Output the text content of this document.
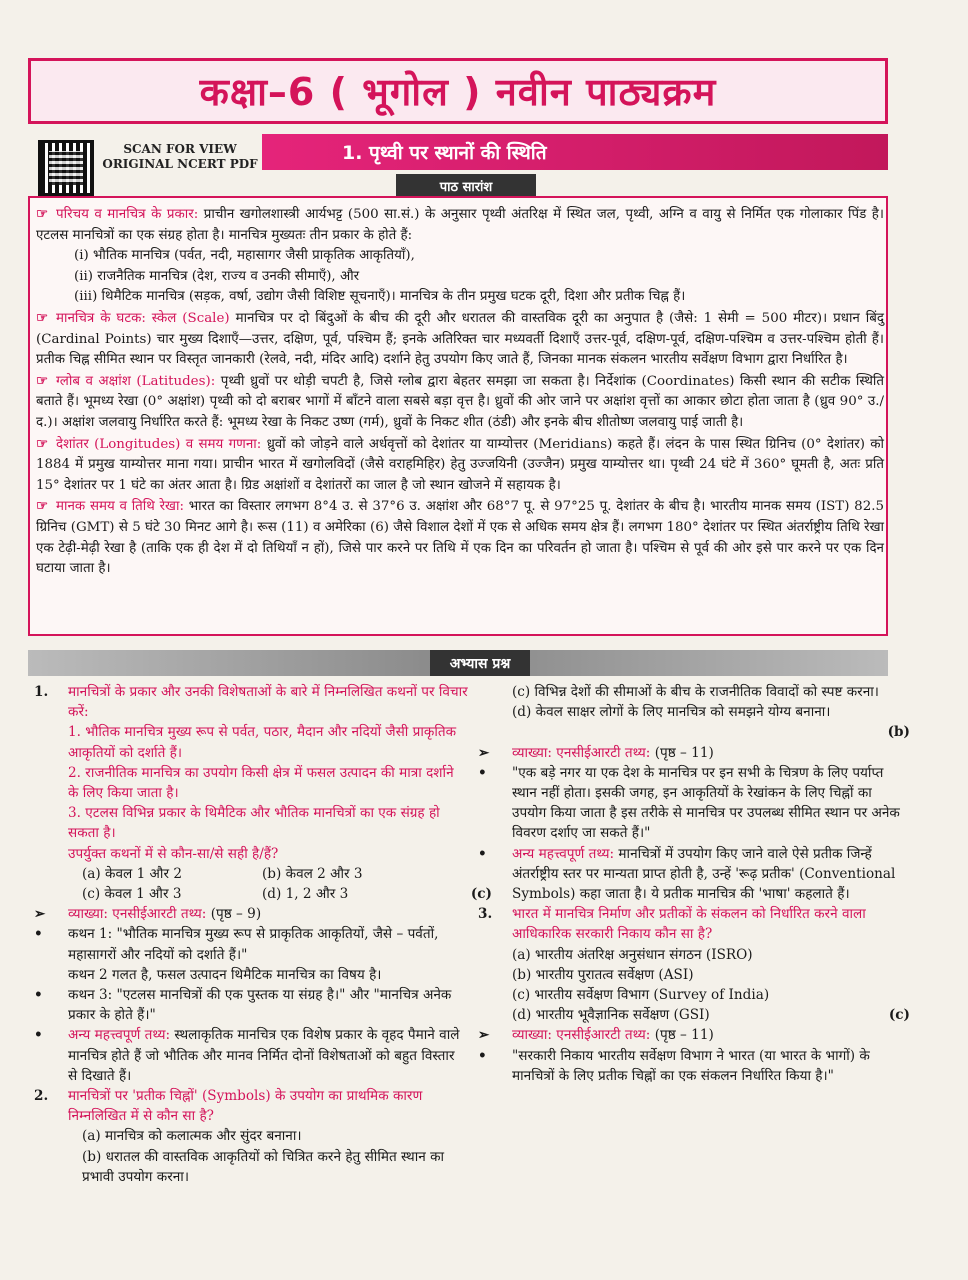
कक्षा–6 ( भूगोल ) नवीन पाठ्यक्रम
SCAN FOR VIEW ORIGINAL NCERT PDF	1. पृथ्वी पर स्थानों की स्थिति
पाठ सारांश

☞ परिचय व मानचित्र के प्रकार: प्राचीन खगोलशास्त्री आर्यभट्ट (500 सा.सं.) के अनुसार पृथ्वी अंतरिक्ष में स्थित जल, पृथ्वी, अग्नि व वायु से निर्मित एक गोलाकार पिंड है। एटलस मानचित्रों का एक संग्रह होता है। मानचित्र मुख्यतः तीन प्रकार के होते हैं:

(i) भौतिक मानचित्र (पर्वत, नदी, महासागर जैसी प्राकृतिक आकृतियाँ),

(ii) राजनैतिक मानचित्र (देश, राज्य व उनकी सीमाएँ), और

(iii) थिमैटिक मानचित्र (सड़क, वर्षा, उद्योग जैसी विशिष्ट सूचनाएँ)। मानचित्र के तीन प्रमुख घटक दूरी, दिशा और प्रतीक चिह्न हैं।

☞ मानचित्र के घटक: स्केल (Scale) मानचित्र पर दो बिंदुओं के बीच की दूरी और धरातल की वास्तविक दूरी का अनुपात है (जैसे: 1 सेमी = 500 मीटर)। प्रधान बिंदु (Cardinal Points) चार मुख्य दिशाएँ—उत्तर, दक्षिण, पूर्व, पश्चिम हैं; इनके अतिरिक्त चार मध्यवर्ती दिशाएँ उत्तर-पूर्व, दक्षिण-पूर्व, दक्षिण-पश्चिम व उत्तर-पश्चिम होती हैं। प्रतीक चिह्न सीमित स्थान पर विस्तृत जानकारी (रेलवे, नदी, मंदिर आदि) दर्शाने हेतु उपयोग किए जाते हैं, जिनका मानक संकलन भारतीय सर्वेक्षण विभाग द्वारा निर्धारित है।

☞ ग्लोब व अक्षांश (Latitudes): पृथ्वी ध्रुवों पर थोड़ी चपटी है, जिसे ग्लोब द्वारा बेहतर समझा जा सकता है। निर्देशांक (Coordinates) किसी स्थान की सटीक स्थिति बताते हैं। भूमध्य रेखा (0° अक्षांश) पृथ्वी को दो बराबर भागों में बाँटने वाला सबसे बड़ा वृत्त है। ध्रुवों की ओर जाने पर अक्षांश वृत्तों का आकार छोटा होता जाता है (ध्रुव 90° उ./द.)। अक्षांश जलवायु निर्धारित करते हैं: भूमध्य रेखा के निकट उष्ण (गर्म), ध्रुवों के निकट शीत (ठंडी) और इनके बीच शीतोष्ण जलवायु पाई जाती है।

☞ देशांतर (Longitudes) व समय गणना: ध्रुवों को जोड़ने वाले अर्धवृत्तों को देशांतर या याम्योत्तर (Meridians) कहते हैं। लंदन के पास स्थित ग्रिनिच (0° देशांतर) को 1884 में प्रमुख याम्योत्तर माना गया। प्राचीन भारत में खगोलविदों (जैसे वराहमिहिर) हेतु उज्जयिनी (उज्जैन) प्रमुख याम्योत्तर था। पृथ्वी 24 घंटे में 360° घूमती है, अतः प्रति 15° देशांतर पर 1 घंटे का अंतर आता है। ग्रिड अक्षांशों व देशांतरों का जाल है जो स्थान खोजने में सहायक है।

☞ मानक समय व तिथि रेखा: भारत का विस्तार लगभग 8°4 उ. से 37°6 उ. अक्षांश और 68°7 पू. से 97°25 पू. देशांतर के बीच है। भारतीय मानक समय (IST) 82.5 ग्रिनिच (GMT) से 5 घंटे 30 मिनट आगे है। रूस (11) व अमेरिका (6) जैसे विशाल देशों में एक से अधिक समय क्षेत्र हैं। लगभग 180° देशांतर पर स्थित अंतर्राष्ट्रीय तिथि रेखा एक टेढ़ी-मेढ़ी रेखा है (ताकि एक ही देश में दो तिथियाँ न हों), जिसे पार करने पर तिथि में एक दिन का परिवर्तन हो जाता है। पश्चिम से पूर्व की ओर इसे पार करने पर एक दिन घटाया जाता है।

अभ्यास प्रश्न
1.	मानचित्रों के प्रकार और उनकी विशेषताओं के बारे में निम्नलिखित कथनों पर विचार करें:
1. भौतिक मानचित्र मुख्य रूप से पर्वत, पठार, मैदान और नदियों जैसी प्राकृतिक आकृतियों को दर्शाते हैं।
2. राजनीतिक मानचित्र का उपयोग किसी क्षेत्र में फसल उत्पादन की मात्रा दर्शाने के लिए किया जाता है।
3. एटलस विभिन्न प्रकार के थिमैटिक और भौतिक मानचित्रों का एक संग्रह हो सकता है।
उपर्युक्त कथनों में से कौन-सा/से सही है/हैं?
(a) केवल 1 और 2	(b) केवल 2 और 3
(c) केवल 1 और 3	(d) 1, 2 और 3	(c)
➢	व्याख्या: एनसीईआरटी तथ्य: (पृष्ठ – 9)
•	कथन 1: "भौतिक मानचित्र मुख्य रूप से प्राकृतिक आकृतियों, जैसे – पर्वतों, महासागरों और नदियों को दर्शाते हैं।"
कथन 2 गलत है, फसल उत्पादन थिमैटिक मानचित्र का विषय है।
•	कथन 3: "एटलस मानचित्रों की एक पुस्तक या संग्रह है।" और "मानचित्र अनेक प्रकार के होते हैं।"
•	अन्य महत्त्वपूर्ण तथ्य: स्थलाकृतिक मानचित्र एक विशेष प्रकार के वृहद पैमाने वाले मानचित्र होते हैं जो भौतिक और मानव निर्मित दोनों विशेषताओं को बहुत विस्तार से दिखाते हैं।
2.	मानचित्रों पर 'प्रतीक चिह्नों' (Symbols) के उपयोग का प्राथमिक कारण निम्नलिखित में से कौन सा है?
(a) मानचित्र को कलात्मक और सुंदर बनाना।
(b) धरातल की वास्तविक आकृतियों को चित्रित करने हेतु सीमित स्थान का प्रभावी उपयोग करना।
(c) विभिन्न देशों की सीमाओं के बीच के राजनीतिक विवादों को स्पष्ट करना।
(d) केवल साक्षर लोगों के लिए मानचित्र को समझने योग्य बनाना।
(b)
➢	व्याख्या: एनसीईआरटी तथ्य: (पृष्ठ – 11)
•	"एक बड़े नगर या एक देश के मानचित्र पर इन सभी के चित्रण के लिए पर्याप्त स्थान नहीं होता। इसकी जगह, इन आकृतियों के रेखांकन के लिए चिह्नों का उपयोग किया जाता है इस तरीके से मानचित्र पर उपलब्ध सीमित स्थान पर अनेक विवरण दर्शाए जा सकते हैं।"
•	अन्य महत्त्वपूर्ण तथ्य: मानचित्रों में उपयोग किए जाने वाले ऐसे प्रतीक जिन्हें अंतर्राष्ट्रीय स्तर पर मान्यता प्राप्त होती है, उन्हें 'रूढ़ प्रतीक' (Conventional Symbols) कहा जाता है। ये प्रतीक मानचित्र की 'भाषा' कहलाते हैं।
3.	भारत में मानचित्र निर्माण और प्रतीकों के संकलन को निर्धारित करने वाला आधिकारिक सरकारी निकाय कौन सा है?
(a) भारतीय अंतरिक्ष अनुसंधान संगठन (ISRO)
(b) भारतीय पुरातत्व सर्वेक्षण (ASI)
(c) भारतीय सर्वेक्षण विभाग (Survey of India)
(d) भारतीय भूवैज्ञानिक सर्वेक्षण (GSI)	(c)
➢	व्याख्या: एनसीईआरटी तथ्य: (पृष्ठ – 11)
•	"सरकारी निकाय भारतीय सर्वेक्षण विभाग ने भारत (या भारत के भागों) के मानचित्रों के लिए प्रतीक चिह्नों का एक संकलन निर्धारित किया है।"
